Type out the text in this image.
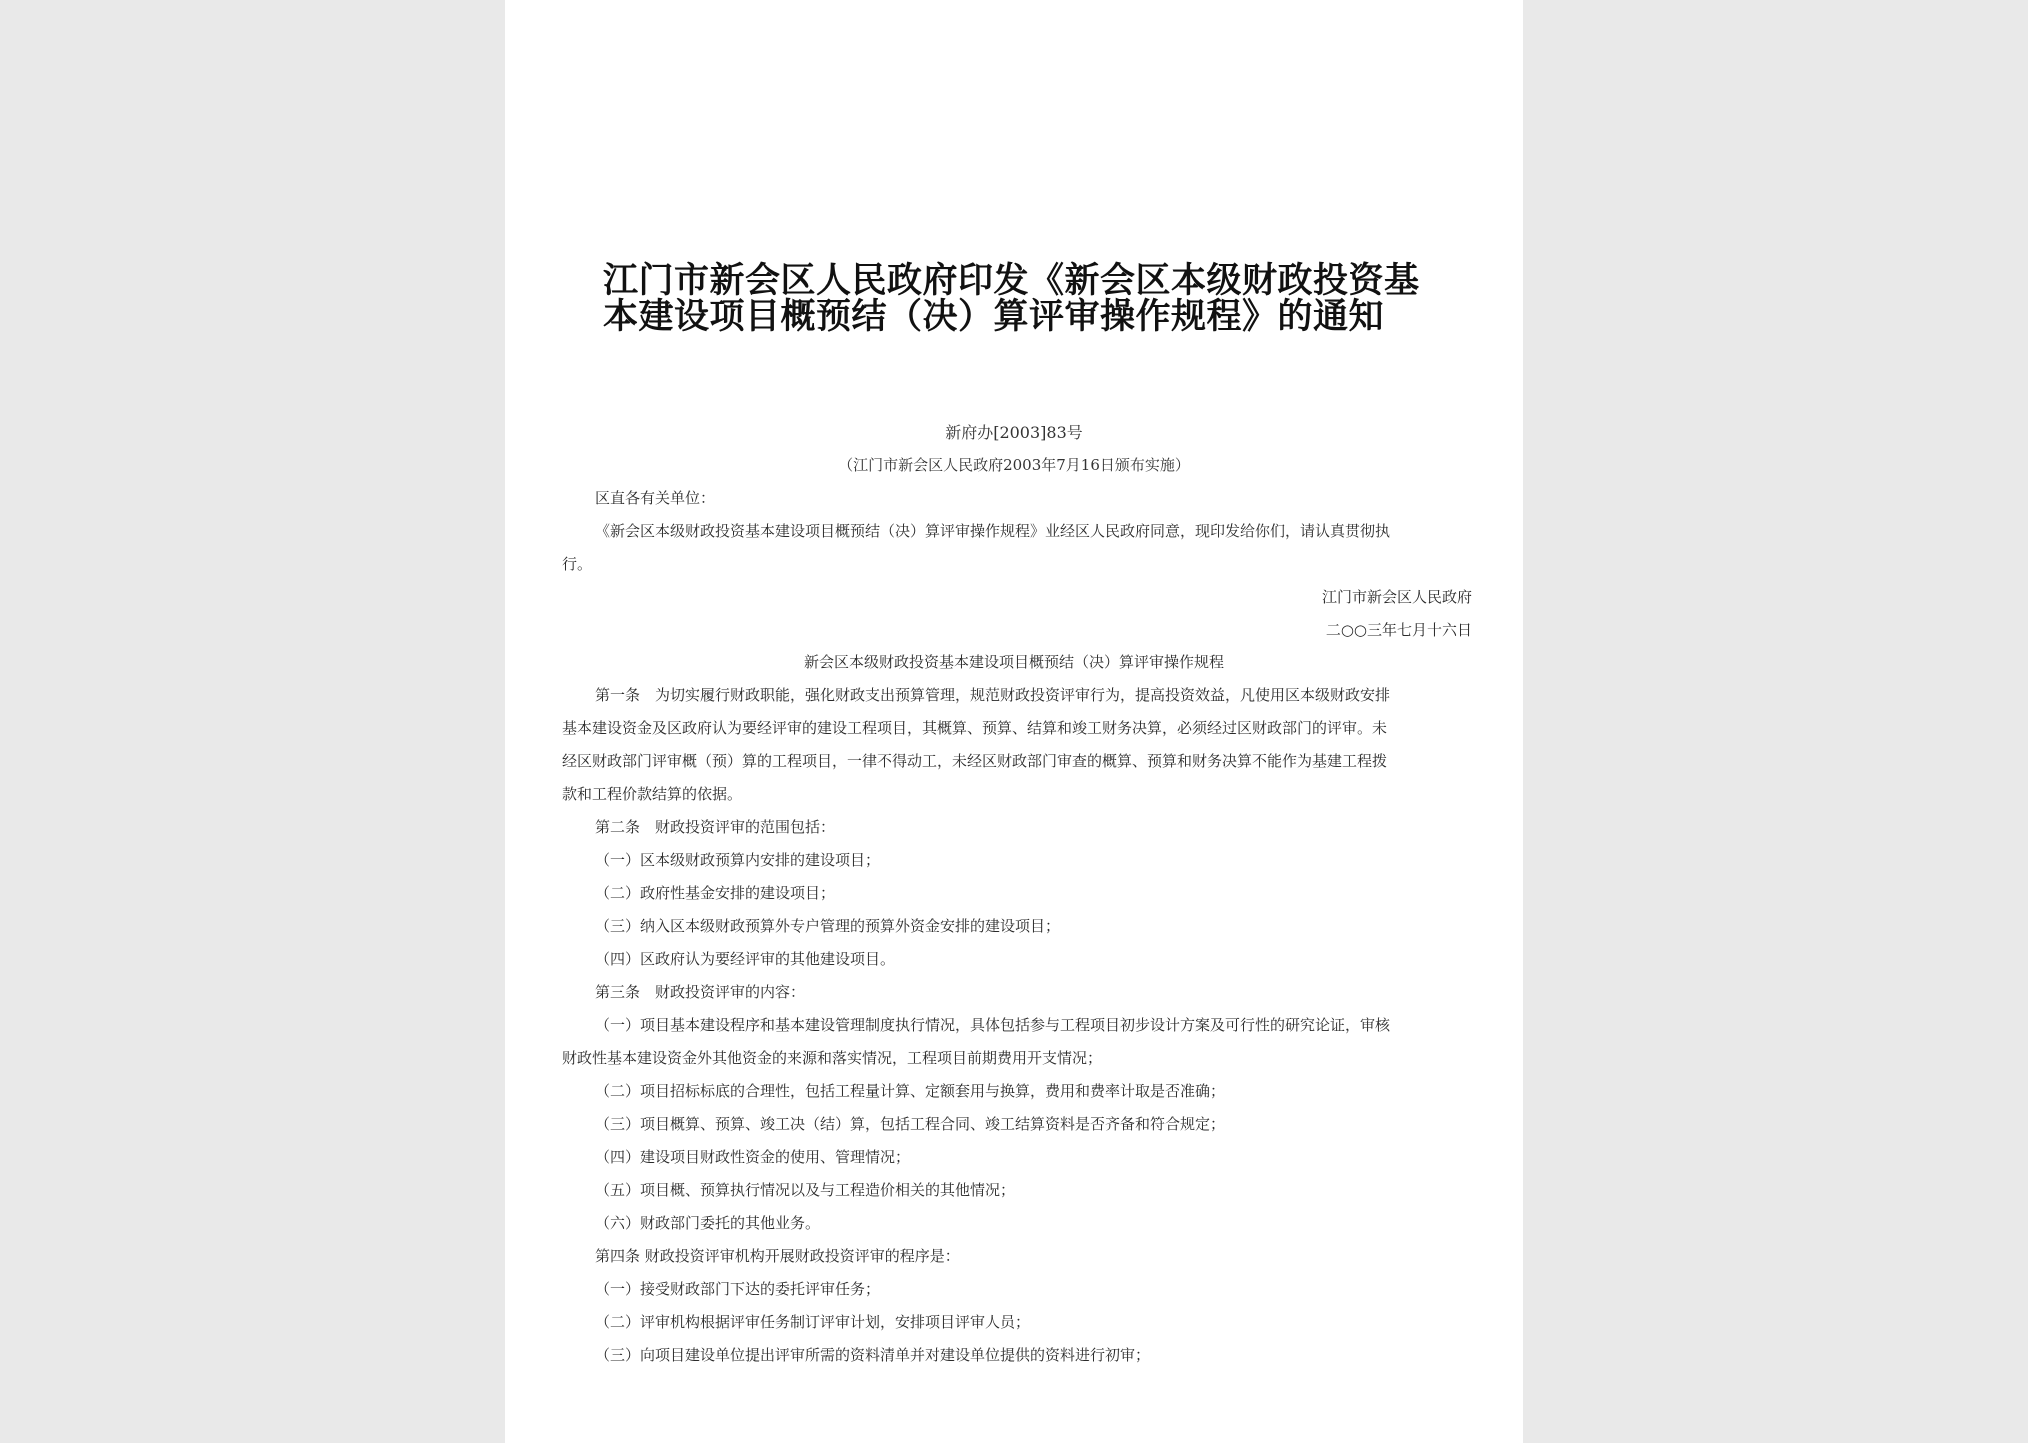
江门市新会区人民政府印发《新会区本级财政投资基
本建设项目概预结（决）算评审操作规程》的通知
新府办[2003]83号
（江门市新会区人民政府2003年7月16日颁布实施）
区直各有关单位：
《新会区本级财政投资基本建设项目概预结（决）算评审操作规程》业经区人民政府同意，现印发给你们，请认真贯彻执
行。
江门市新会区人民政府
二○○三年七月十六日
新会区本级财政投资基本建设项目概预结（决）算评审操作规程
第一条　为切实履行财政职能，强化财政支出预算管理，规范财政投资评审行为，提高投资效益，凡使用区本级财政安排
基本建设资金及区政府认为要经评审的建设工程项目，其概算、预算、结算和竣工财务决算，必须经过区财政部门的评审。未
经区财政部门评审概（预）算的工程项目，一律不得动工，未经区财政部门审查的概算、预算和财务决算不能作为基建工程拨
款和工程价款结算的依据。
第二条　财政投资评审的范围包括：
（一）区本级财政预算内安排的建设项目；
（二）政府性基金安排的建设项目；
（三）纳入区本级财政预算外专户管理的预算外资金安排的建设项目；
（四）区政府认为要经评审的其他建设项目。
第三条　财政投资评审的内容：
（一）项目基本建设程序和基本建设管理制度执行情况，具体包括参与工程项目初步设计方案及可行性的研究论证，审核
财政性基本建设资金外其他资金的来源和落实情况，工程项目前期费用开支情况；
（二）项目招标标底的合理性，包括工程量计算、定额套用与换算，费用和费率计取是否准确；
（三）项目概算、预算、竣工决（结）算，包括工程合同、竣工结算资料是否齐备和符合规定；
（四）建设项目财政性资金的使用、管理情况；
（五）项目概、预算执行情况以及与工程造价相关的其他情况；
（六）财政部门委托的其他业务。
第四条 财政投资评审机构开展财政投资评审的程序是：
（一）接受财政部门下达的委托评审任务；
（二）评审机构根据评审任务制订评审计划，安排项目评审人员；
（三）向项目建设单位提出评审所需的资料清单并对建设单位提供的资料进行初审；
